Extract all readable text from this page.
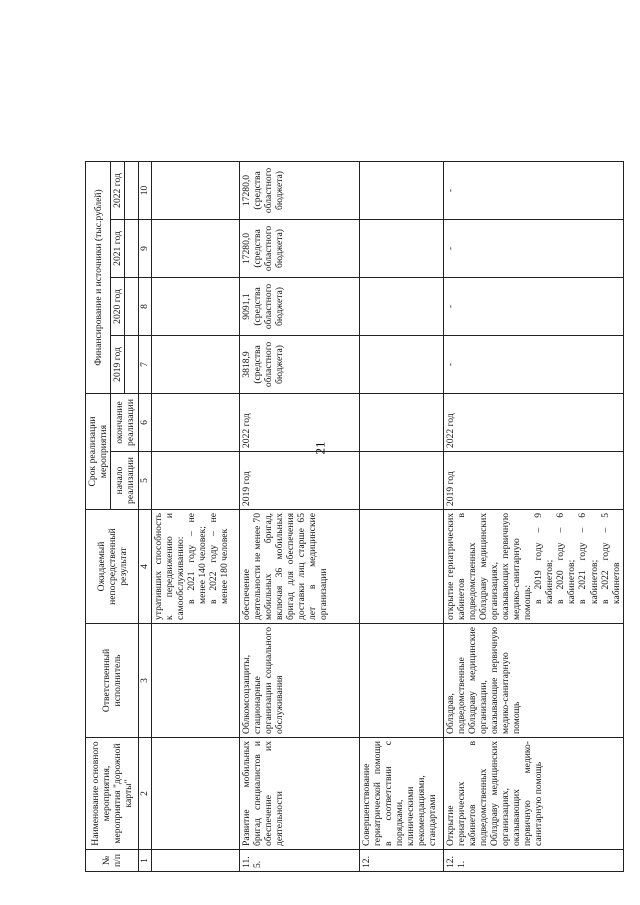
21
№ п/п	Наименование основного мероприятия, мероприятия "дорожной карты"	Ответственный исполнитель	Ожидаемый непосредственный результат	Срок реализации мероприятия		Финансирование и источники (тыс.рублей)				
				начало реализации	окончание реализации	2019 год	2020 год	2021 год	2022 год	

1	2	3	4	5	6	7	8	9	10	

			утративших способность к передвижению и самообслуживанию: в 2021 году – не менее 140 человек; в 2022 году – не менее 180 человек							

11.5.	Развитие мобильных бригад специалистов и обеспечение их деятельности	Облкомсоцзащиты, стационарные организации социального обслуживания	обеспечение деятельности не менее 70 мобильных бригад, включая 36 мобильных бригад для обеспечения доставки лиц старше 65 лет в медицинские организации	2019 год	2022 год	3818,9 (средства областного бюджета)	9091,1 (средства областного бюджета)	17280,0 (средства областного бюджета)	17280,0 (средства областного бюджета)	
12.	Совершенствование гериатрической помощи в соответствии с порядками, клиническими рекомендациями, стандартами									
12.1.	Открытие гериатрических кабинетов в подведомственных Облздраву медицинских организациях, оказывающих первичную медико-санитарную помощь	Облздрав, подведомственные Облздраву медицинские организации, оказывающие первичную медико-санитарную помощь	открытие гериатрических кабинетов в подведомственных Облздраву медицинских организациях, оказывающих первичную медико-санитарную помощь: в 2019 году – 9 кабинетов; в 2020 году – 6 кабинетов; в 2021 году – 6 кабинетов; в 2022 году – 5 кабинетов	2019 год	2022 год	-	-	-	-	
